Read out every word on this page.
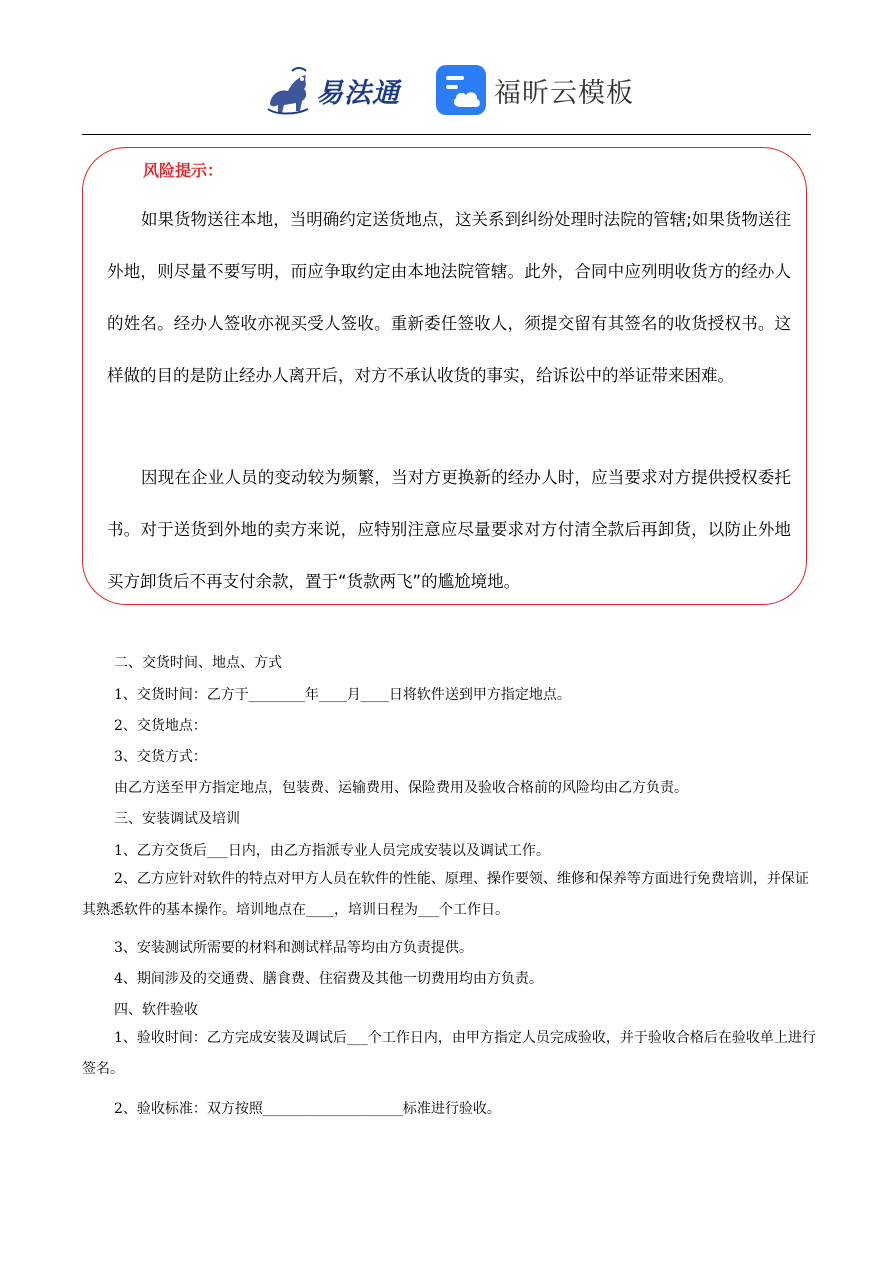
易法通	福昕云模板
风险提示：
如果货物送往本地，当明确约定送货地点，这关系到纠纷处理时法院的管辖;如果货物送往外地，则尽量不要写明，而应争取约定由本地法院管辖。此外，合同中应列明收货方的经办人的姓名。经办人签收亦视买受人签收。重新委任签收人，须提交留有其签名的收货授权书。这样做的目的是防止经办人离开后，对方不承认收货的事实，给诉讼中的举证带来困难。
因现在企业人员的变动较为频繁，当对方更换新的经办人时，应当要求对方提供授权委托书。对于送货到外地的卖方来说，应特别注意应尽量要求对方付清全款后再卸货，以防止外地买方卸货后不再支付余款，置于“货款两飞”的尴尬境地。
二、交货时间、地点、方式
1、交货时间：乙方于________年____月____日将软件送到甲方指定地点。
2、交货地点：
3、交货方式：
由乙方送至甲方指定地点，包装费、运输费用、保险费用及验收合格前的风险均由乙方负责。
三、安装调试及培训
1、乙方交货后___日内，由乙方指派专业人员完成安装以及调试工作。
2、乙方应针对软件的特点对甲方人员在软件的性能、原理、操作要领、维修和保养等方面进行免费培训，并保证其熟悉软件的基本操作。培训地点在____，培训日程为___个工作日。
3、安装测试所需要的材料和测试样品等均由方负责提供。
4、期间涉及的交通费、膳食费、住宿费及其他一切费用均由方负责。
四、软件验收
1、验收时间：乙方完成安装及调试后___个工作日内，由甲方指定人员完成验收，并于验收合格后在验收单上进行签名。
2、验收标准：双方按照____________________标准进行验收。
